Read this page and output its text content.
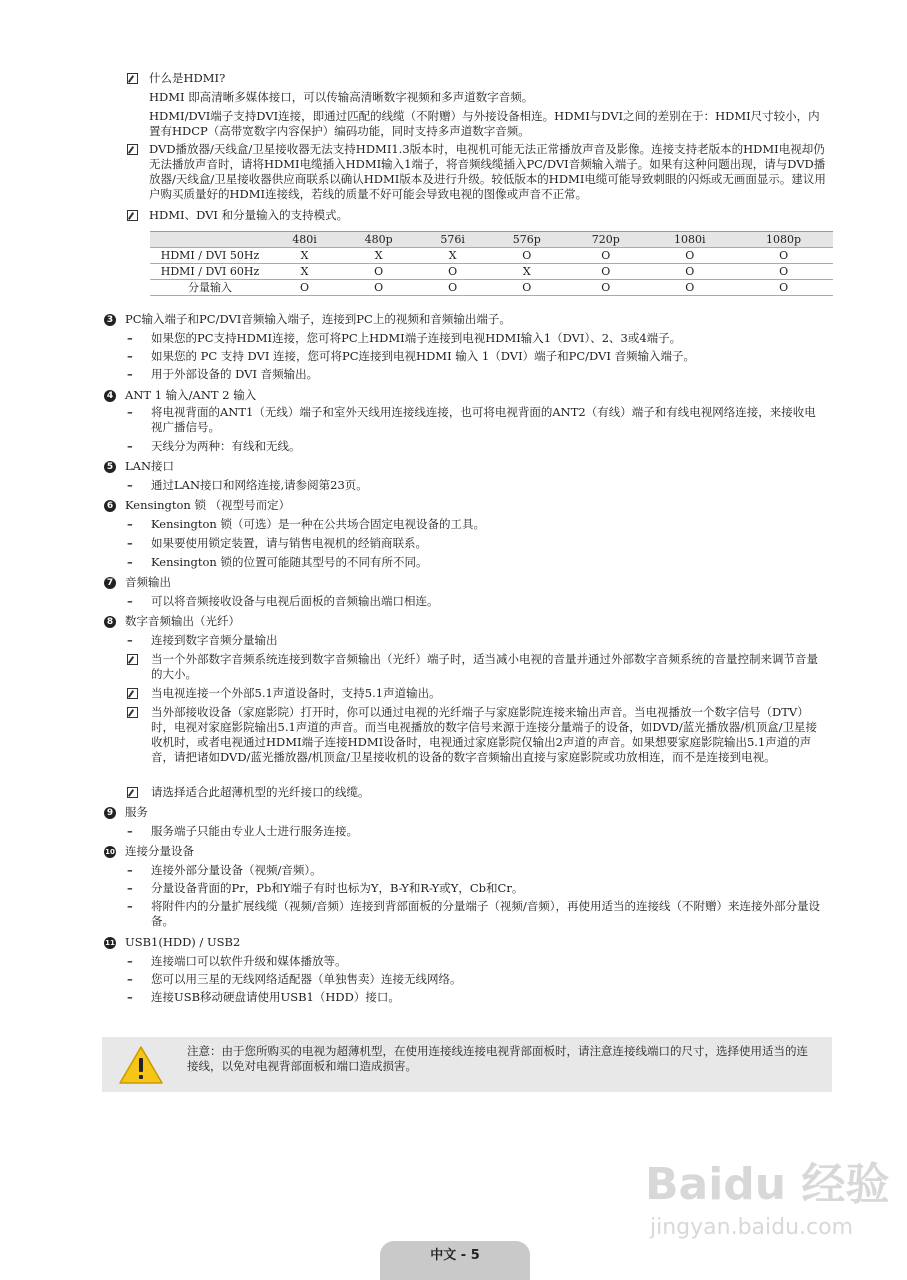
什么是HDMI?
HDMI 即高清晰多媒体接口，可以传输高清晰数字视频和多声道数字音频。
HDMI/DVI端子支持DVI连接，即通过匹配的线缆（不附赠）与外接设备相连。HDMI与DVI之间的差别在于：HDMI尺寸较小，内置有HDCP（高带宽数字内容保护）编码功能，同时支持多声道数字音频。
DVD播放器/天线盒/卫星接收器无法支持HDMI1.3版本时，电视机可能无法正常播放声音及影像。连接支持老版本的HDMI电视却仍无法播放声音时，请将HDMI电缆插入HDMI输入1端子，将音频线缆插入PC/DVI音频输入端子。如果有这种问题出现，请与DVD播放器/天线盒/卫星接收器供应商联系以确认HDMI版本及进行升级。较低版本的HDMI电缆可能导致刺眼的闪烁或无画面显示。建议用户购买质量好的HDMI连接线，若线的质量不好可能会导致电视的图像或声音不正常。
HDMI、DVI 和分量输入的支持模式。
	480i	480p	576i	576p	720p	1080i	1080p
HDMI / DVI 50Hz	X	X	X	O	O	O	O
HDMI / DVI 60Hz	X	O	O	X	O	O	O
分量输入	O	O	O	O	O	O	O
3 PC输入端子和PC/DVI音频输入端子，连接到PC上的视频和音频输出端子。
– 如果您的PC支持HDMI连接，您可将PC上HDMI端子连接到电视HDMI输入1（DVI）、2、3或4端子。
– 如果您的 PC 支持 DVI 连接，您可将PC连接到电视HDMI 输入 1（DVI）端子和PC/DVI 音频输入端子。
– 用于外部设备的 DVI 音频输出。
4 ANT 1 输入/ANT 2 输入
– 将电视背面的ANT1（无线）端子和室外天线用连接线连接，也可将电视背面的ANT2（有线）端子和有线电视网络连接，来接收电视广播信号。
– 天线分为两种：有线和无线。
5 LAN接口
– 通过LAN接口和网络连接,请参阅第23页。
6 Kensington 锁 （视型号而定）
– Kensington 锁（可选）是一种在公共场合固定电视设备的工具。
– 如果要使用锁定装置，请与销售电视机的经销商联系。
– Kensington 锁的位置可能随其型号的不同有所不同。
7 音频输出
– 可以将音频接收设备与电视后面板的音频输出端口相连。
8 数字音频输出（光纤）
– 连接到数字音频分量输出
当一个外部数字音频系统连接到数字音频输出（光纤）端子时，适当减小电视的音量并通过外部数字音频系统的音量控制来调节音量的大小。
当电视连接一个外部5.1声道设备时，支持5.1声道输出。
当外部接收设备（家庭影院）打开时，你可以通过电视的光纤端子与家庭影院连接来输出声音。当电视播放一个数字信号（DTV）时，电视对家庭影院输出5.1声道的声音。而当电视播放的数字信号来源于连接分量端子的设备，如DVD/蓝光播放器/机顶盒/卫星接收机时，或者电视通过HDMI端子连接HDMI设备时，电视通过家庭影院仅输出2声道的声音。如果想要家庭影院输出5.1声道的声音，请把诸如DVD/蓝光播放器/机顶盒/卫星接收机的设备的数字音频输出直接与家庭影院或功放相连，而不是连接到电视。
请选择适合此超薄机型的光纤接口的线缆。
9 服务
– 服务端子只能由专业人士进行服务连接。
10 连接分量设备
– 连接外部分量设备（视频/音频）。
– 分量设备背面的Pr，Pb和Y端子有时也标为Y，B-Y和R-Y或Y，Cb和Cr。
– 将附件内的分量扩展线缆（视频/音频）连接到背部面板的分量端子（视频/音频），再使用适当的连接线（不附赠）来连接外部分量设备。
11 USB1(HDD) / USB2
– 连接端口可以软件升级和媒体播放等。
– 您可以用三星的无线网络适配器（单独售卖）连接无线网络。
– 连接USB移动硬盘请使用USB1（HDD）接口。
注意：由于您所购买的电视为超薄机型，在使用连接线连接电视背部面板时，请注意连接线端口的尺寸，选择使用适当的连接线，以免对电视背部面板和端口造成损害。
Baidu 经验
jingyan.baidu.com
中文 - 5
